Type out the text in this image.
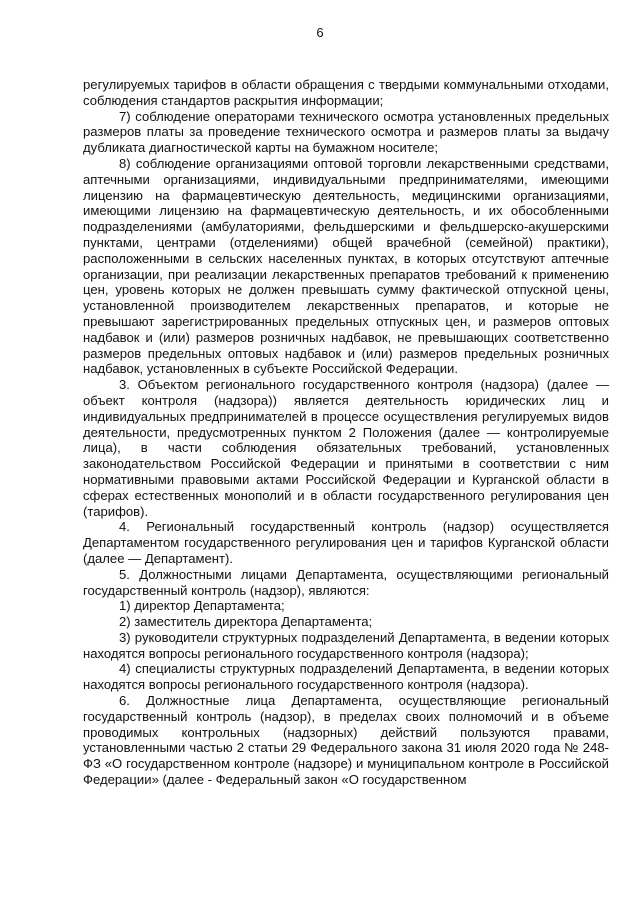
6

регулируемых тарифов в области обращения с твердыми коммунальными отходами, соблюдения стандартов раскрытия информации;

7) соблюдение операторами технического осмотра установленных предельных размеров платы за проведение технического осмотра и размеров платы за выдачу дубликата диагностической карты на бумажном носителе;

8) соблюдение организациями оптовой торговли лекарственными средствами, аптечными организациями, индивидуальными предпринимателями, имеющими лицензию на фармацевтическую деятельность, медицинскими организациями, имеющими лицензию на фармацевтическую деятельность, и их обособленными подразделениями (амбулаториями, фельдшерскими и фельдшерско-акушерскими пунктами, центрами (отделениями) общей врачебной (семейной) практики), расположенными в сельских населенных пунктах, в которых отсутствуют аптечные организации, при реализации лекарственных препаратов требований к применению цен, уровень которых не должен превышать сумму фактической отпускной цены, установленной производителем лекарственных препаратов, и которые не превышают зарегистрированных предельных отпускных цен, и размеров оптовых надбавок и (или) размеров розничных надбавок, не превышающих соответственно размеров предельных оптовых надбавок и (или) размеров предельных розничных надбавок, установленных в субъекте Российской Федерации.

3. Объектом регионального государственного контроля (надзора) (далее — объект контроля (надзора)) является деятельность юридических лиц и индивидуальных предпринимателей в процессе осуществления регулируемых видов деятельности, предусмотренных пунктом 2 Положения (далее — контролируемые лица), в части соблюдения обязательных требований, установленных законодательством Российской Федерации и принятыми в соответствии с ним нормативными правовыми актами Российской Федерации и Курганской области в сферах естественных монополий и в области государственного регулирования цен (тарифов).

4. Региональный государственный контроль (надзор) осуществляется Департаментом государственного регулирования цен и тарифов Курганской области (далее — Департамент).

5. Должностными лицами Департамента, осуществляющими региональный государственный контроль (надзор), являются:

1) директор Департамента;

2) заместитель директора Департамента;

3) руководители структурных подразделений Департамента, в ведении которых находятся вопросы регионального государственного контроля (надзора);

4) специалисты структурных подразделений Департамента, в ведении которых находятся вопросы регионального государственного контроля (надзора).

6. Должностные лица Департамента, осуществляющие региональный государственный контроль (надзор), в пределах своих полномочий и в объеме проводимых контрольных (надзорных) действий пользуются правами, установленными частью 2 статьи 29 Федерального закона 31 июля 2020 года № 248-ФЗ «О государственном контроле (надзоре) и муниципальном контроле в Российской Федерации» (далее - Федеральный закон «О государственном
